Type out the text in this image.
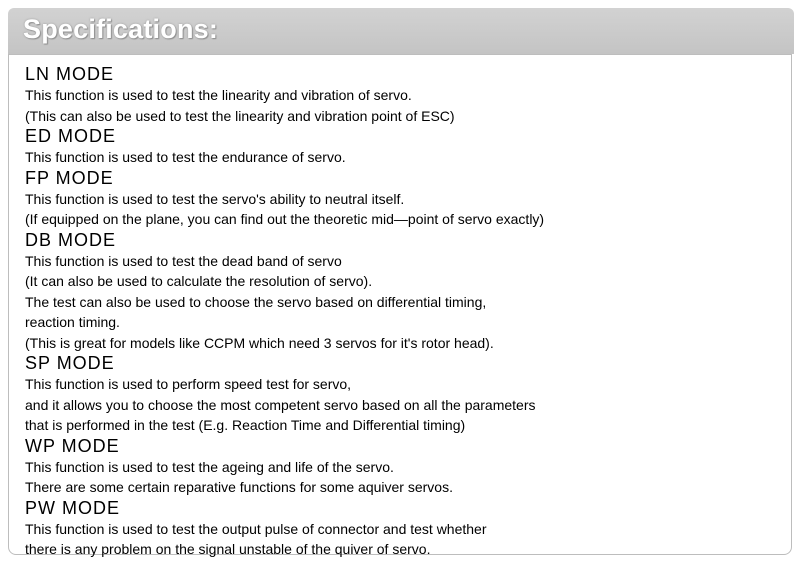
Specifications:
LN MODE
This function is used to test the linearity and vibration of servo.
(This can also be used to test the linearity and vibration point of ESC)
ED MODE
This function is used to test the endurance of servo.
FP MODE
This function is used to test the servo's ability to neutral itself.
(If equipped on the plane, you can find out the theoretic mid—point of servo exactly)
DB MODE
This function is used to test the dead band of servo
(It can also be used to calculate the resolution of servo).
The test can also be used to choose the servo based on differential timing,
reaction timing.
(This is great for models like CCPM which need 3 servos for it's rotor head).
SP MODE
This function is used to perform speed test for servo,
and it allows you to choose the most competent servo based on all the parameters
that is performed in the test (E.g. Reaction Time and Differential timing)
WP MODE
This function is used to test the ageing and life of the servo.
There are some certain reparative functions for some aquiver servos.
PW MODE
This function is used to test the output pulse of connector and test whether
there is any problem on the signal unstable of the quiver of servo.
